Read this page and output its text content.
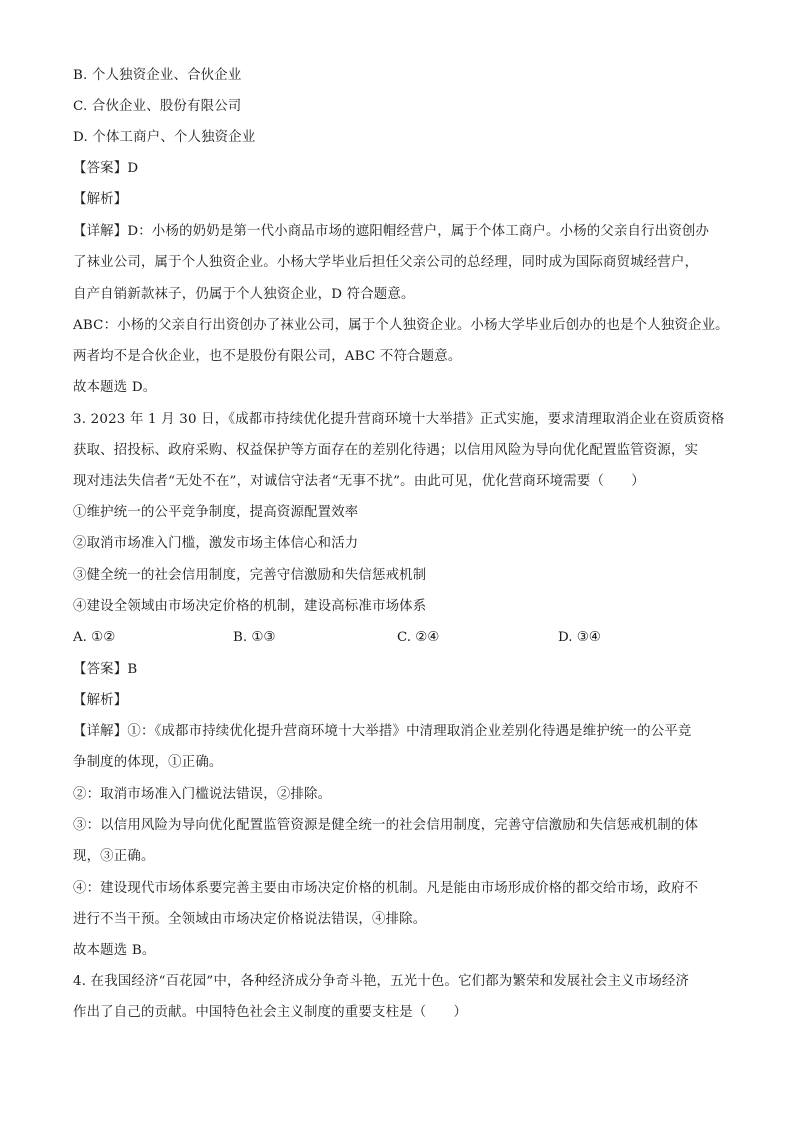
B. 个人独资企业、合伙企业
C. 合伙企业、股份有限公司
D. 个体工商户、个人独资企业
【答案】D
【解析】
【详解】D：小杨的奶奶是第一代小商品市场的遮阳帽经营户，属于个体工商户。小杨的父亲自行出资创办
了袜业公司，属于个人独资企业。小杨大学毕业后担任父亲公司的总经理，同时成为国际商贸城经营户，
自产自销新款袜子，仍属于个人独资企业，D 符合题意。
ABC：小杨的父亲自行出资创办了袜业公司，属于个人独资企业。小杨大学毕业后创办的也是个人独资企业。
两者均不是合伙企业，也不是股份有限公司，ABC 不符合题意。
故本题选 D。
3. 2023 年 1 月 30 日，《成都市持续优化提升营商环境十大举措》正式实施，要求清理取消企业在资质资格
获取、招投标、政府采购、权益保护等方面存在的差别化待遇；以信用风险为导向优化配置监管资源，实
现对违法失信者“无处不在”，对诚信守法者“无事不扰”。由此可见，优化营商环境需要（　　）
①维护统一的公平竞争制度，提高资源配置效率
②取消市场准入门槛，激发市场主体信心和活力
③健全统一的社会信用制度，完善守信激励和失信惩戒机制
④建设全领域由市场决定价格的机制，建设高标准市场体系
A. ①②	B. ①③	C. ②④	D. ③④
【答案】B
【解析】
【详解】①：《成都市持续优化提升营商环境十大举措》中清理取消企业差别化待遇是维护统一的公平竞
争制度的体现，①正确。
②：取消市场准入门槛说法错误，②排除。
③：以信用风险为导向优化配置监管资源是健全统一的社会信用制度，完善守信激励和失信惩戒机制的体
现，③正确。
④：建设现代市场体系要完善主要由市场决定价格的机制。凡是能由市场形成价格的都交给市场，政府不
进行不当干预。全领域由市场决定价格说法错误，④排除。
故本题选 B。
4. 在我国经济“百花园”中，各种经济成分争奇斗艳，五光十色。它们都为繁荣和发展社会主义市场经济
作出了自己的贡献。中国特色社会主义制度的重要支柱是（　　）
